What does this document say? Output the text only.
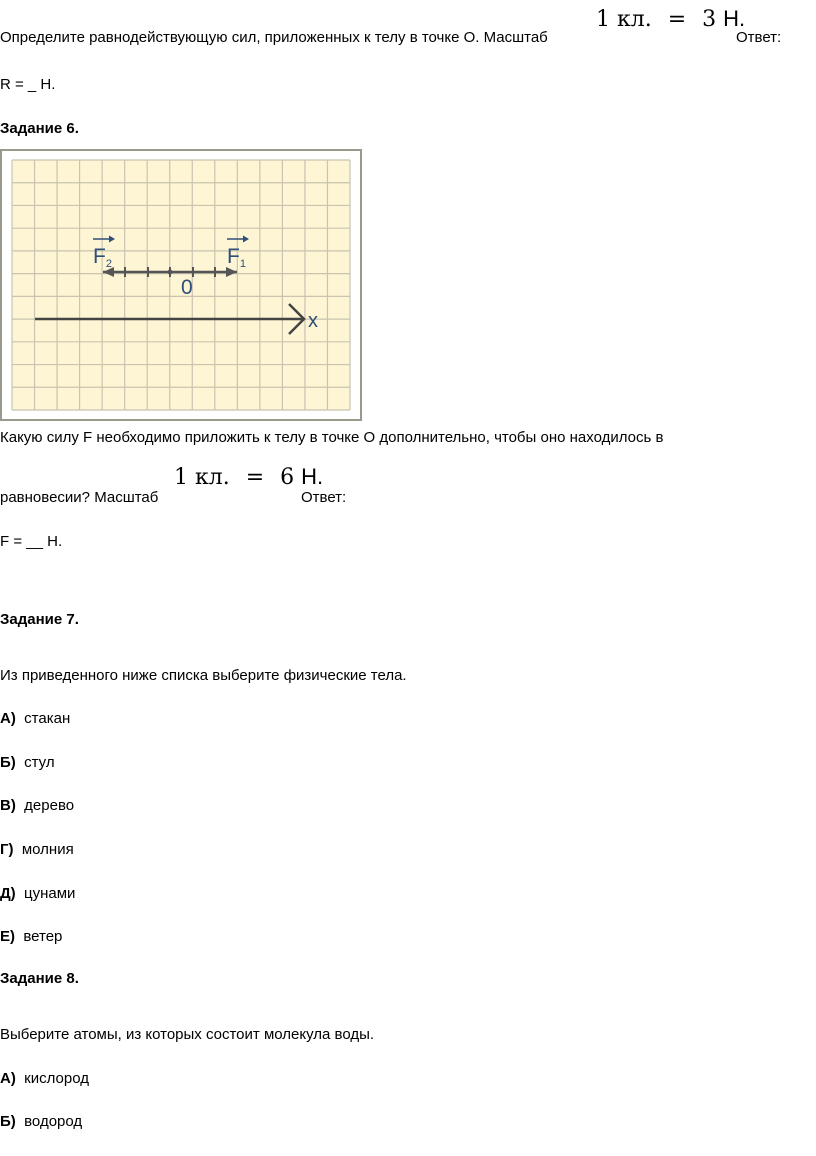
Определите равнодействующую сил, приложенных к телу в точке О. Масштаб
1 кл. = 3 Н.
Ответ:
R = _ Н.
Задание 6.
x
F2	F1
0
Какую силу F необходимо приложить к телу в точке О дополнительно, чтобы оно находилось в
1 кл. = 6 Н.
равновесии? Масштаб	Ответ:
F = __ Н.
Задание 7.
Из приведенного ниже списка выберите физические тела.
А) стакан
Б) стул
В) дерево
Г) молния
Д) цунами
Е) ветер
Задание 8.
Выберите атомы, из которых состоит молекула воды.
А) кислород
Б) водород
